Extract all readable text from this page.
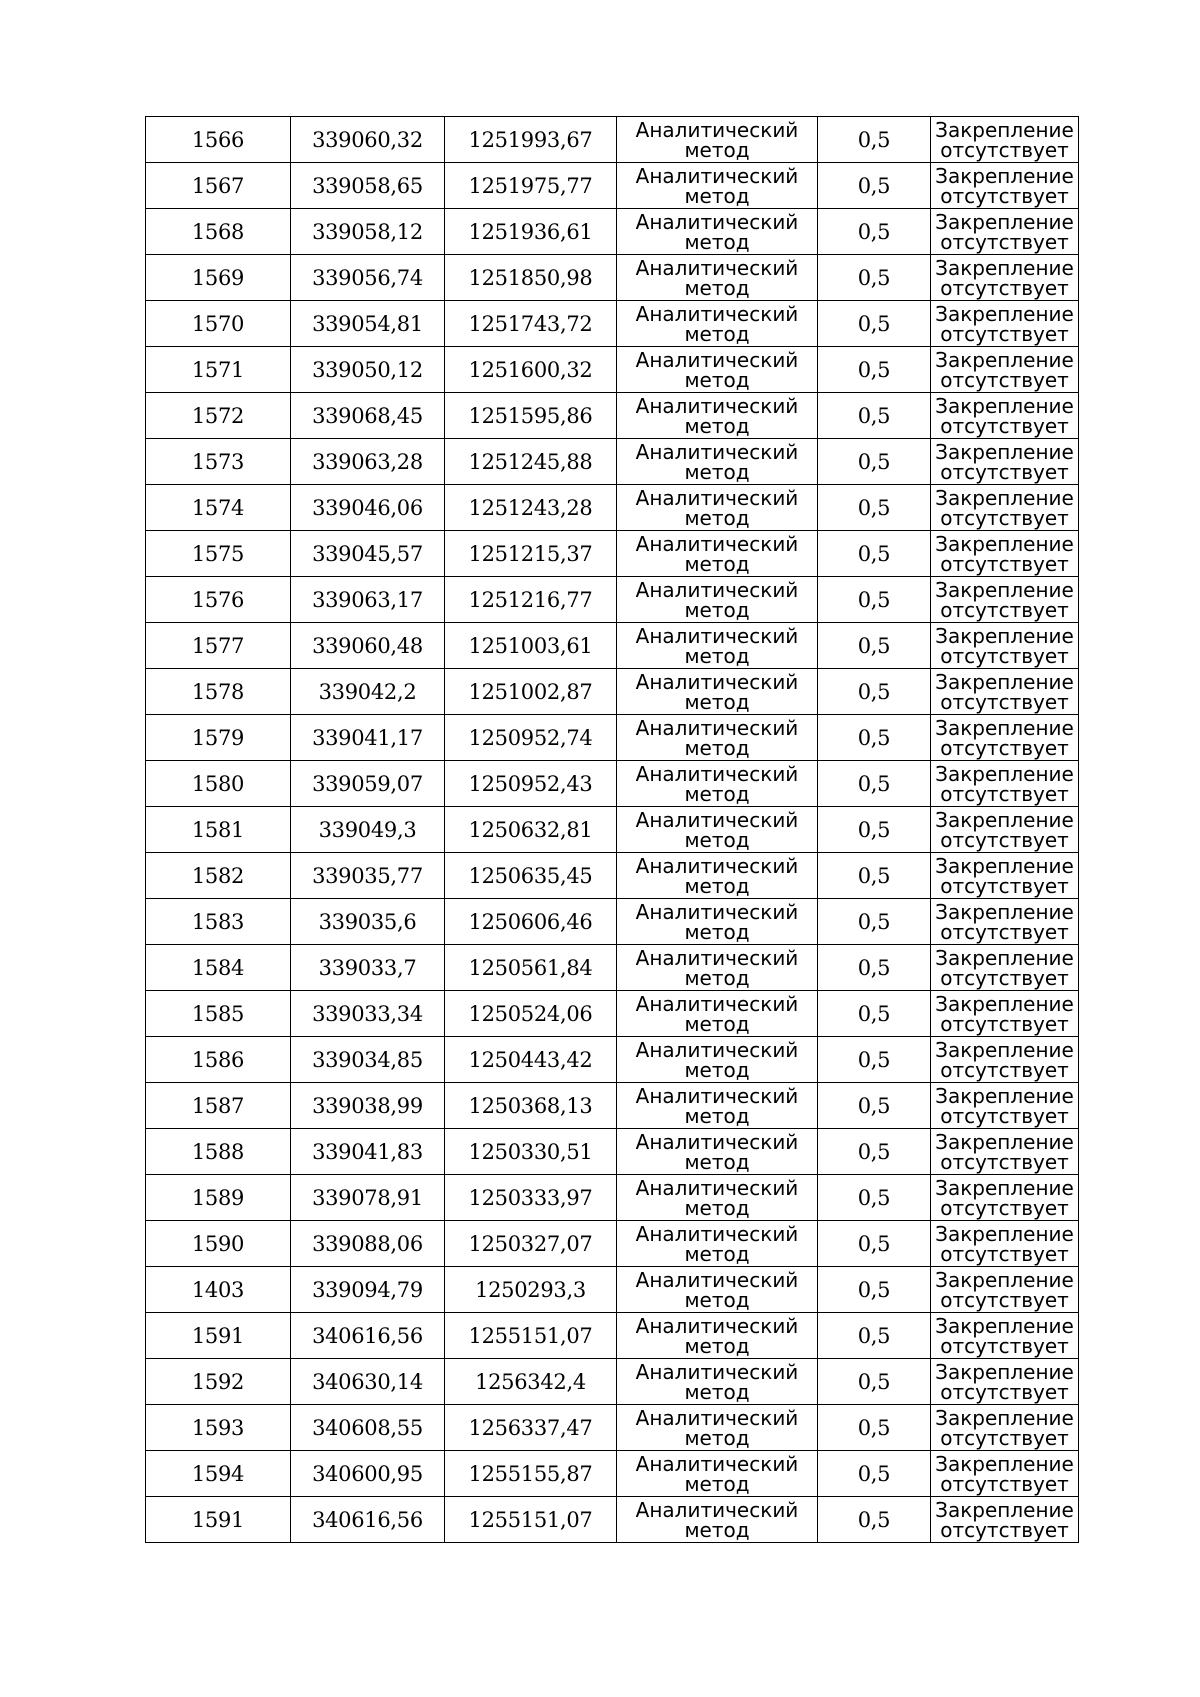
1566	339060,32	1251993,67	Аналитический
метод	0,5	Закрепление
отсутствует

1567	339058,65	1251975,77	Аналитический
метод	0,5	Закрепление
отсутствует

1568	339058,12	1251936,61	Аналитический
метод	0,5	Закрепление
отсутствует

1569	339056,74	1251850,98	Аналитический
метод	0,5	Закрепление
отсутствует

1570	339054,81	1251743,72	Аналитический
метод	0,5	Закрепление
отсутствует

1571	339050,12	1251600,32	Аналитический
метод	0,5	Закрепление
отсутствует

1572	339068,45	1251595,86	Аналитический
метод	0,5	Закрепление
отсутствует

1573	339063,28	1251245,88	Аналитический
метод	0,5	Закрепление
отсутствует

1574	339046,06	1251243,28	Аналитический
метод	0,5	Закрепление
отсутствует

1575	339045,57	1251215,37	Аналитический
метод	0,5	Закрепление
отсутствует

1576	339063,17	1251216,77	Аналитический
метод	0,5	Закрепление
отсутствует

1577	339060,48	1251003,61	Аналитический
метод	0,5	Закрепление
отсутствует

1578	339042,2	1251002,87	Аналитический
метод	0,5	Закрепление
отсутствует

1579	339041,17	1250952,74	Аналитический
метод	0,5	Закрепление
отсутствует

1580	339059,07	1250952,43	Аналитический
метод	0,5	Закрепление
отсутствует

1581	339049,3	1250632,81	Аналитический
метод	0,5	Закрепление
отсутствует

1582	339035,77	1250635,45	Аналитический
метод	0,5	Закрепление
отсутствует

1583	339035,6	1250606,46	Аналитический
метод	0,5	Закрепление
отсутствует

1584	339033,7	1250561,84	Аналитический
метод	0,5	Закрепление
отсутствует

1585	339033,34	1250524,06	Аналитический
метод	0,5	Закрепление
отсутствует

1586	339034,85	1250443,42	Аналитический
метод	0,5	Закрепление
отсутствует

1587	339038,99	1250368,13	Аналитический
метод	0,5	Закрепление
отсутствует

1588	339041,83	1250330,51	Аналитический
метод	0,5	Закрепление
отсутствует

1589	339078,91	1250333,97	Аналитический
метод	0,5	Закрепление
отсутствует

1590	339088,06	1250327,07	Аналитический
метод	0,5	Закрепление
отсутствует

1403	339094,79	1250293,3	Аналитический
метод	0,5	Закрепление
отсутствует

1591	340616,56	1255151,07	Аналитический
метод	0,5	Закрепление
отсутствует

1592	340630,14	1256342,4	Аналитический
метод	0,5	Закрепление
отсутствует

1593	340608,55	1256337,47	Аналитический
метод	0,5	Закрепление
отсутствует

1594	340600,95	1255155,87	Аналитический
метод	0,5	Закрепление
отсутствует

1591	340616,56	1255151,07	Аналитический
метод	0,5	Закрепление
отсутствует
